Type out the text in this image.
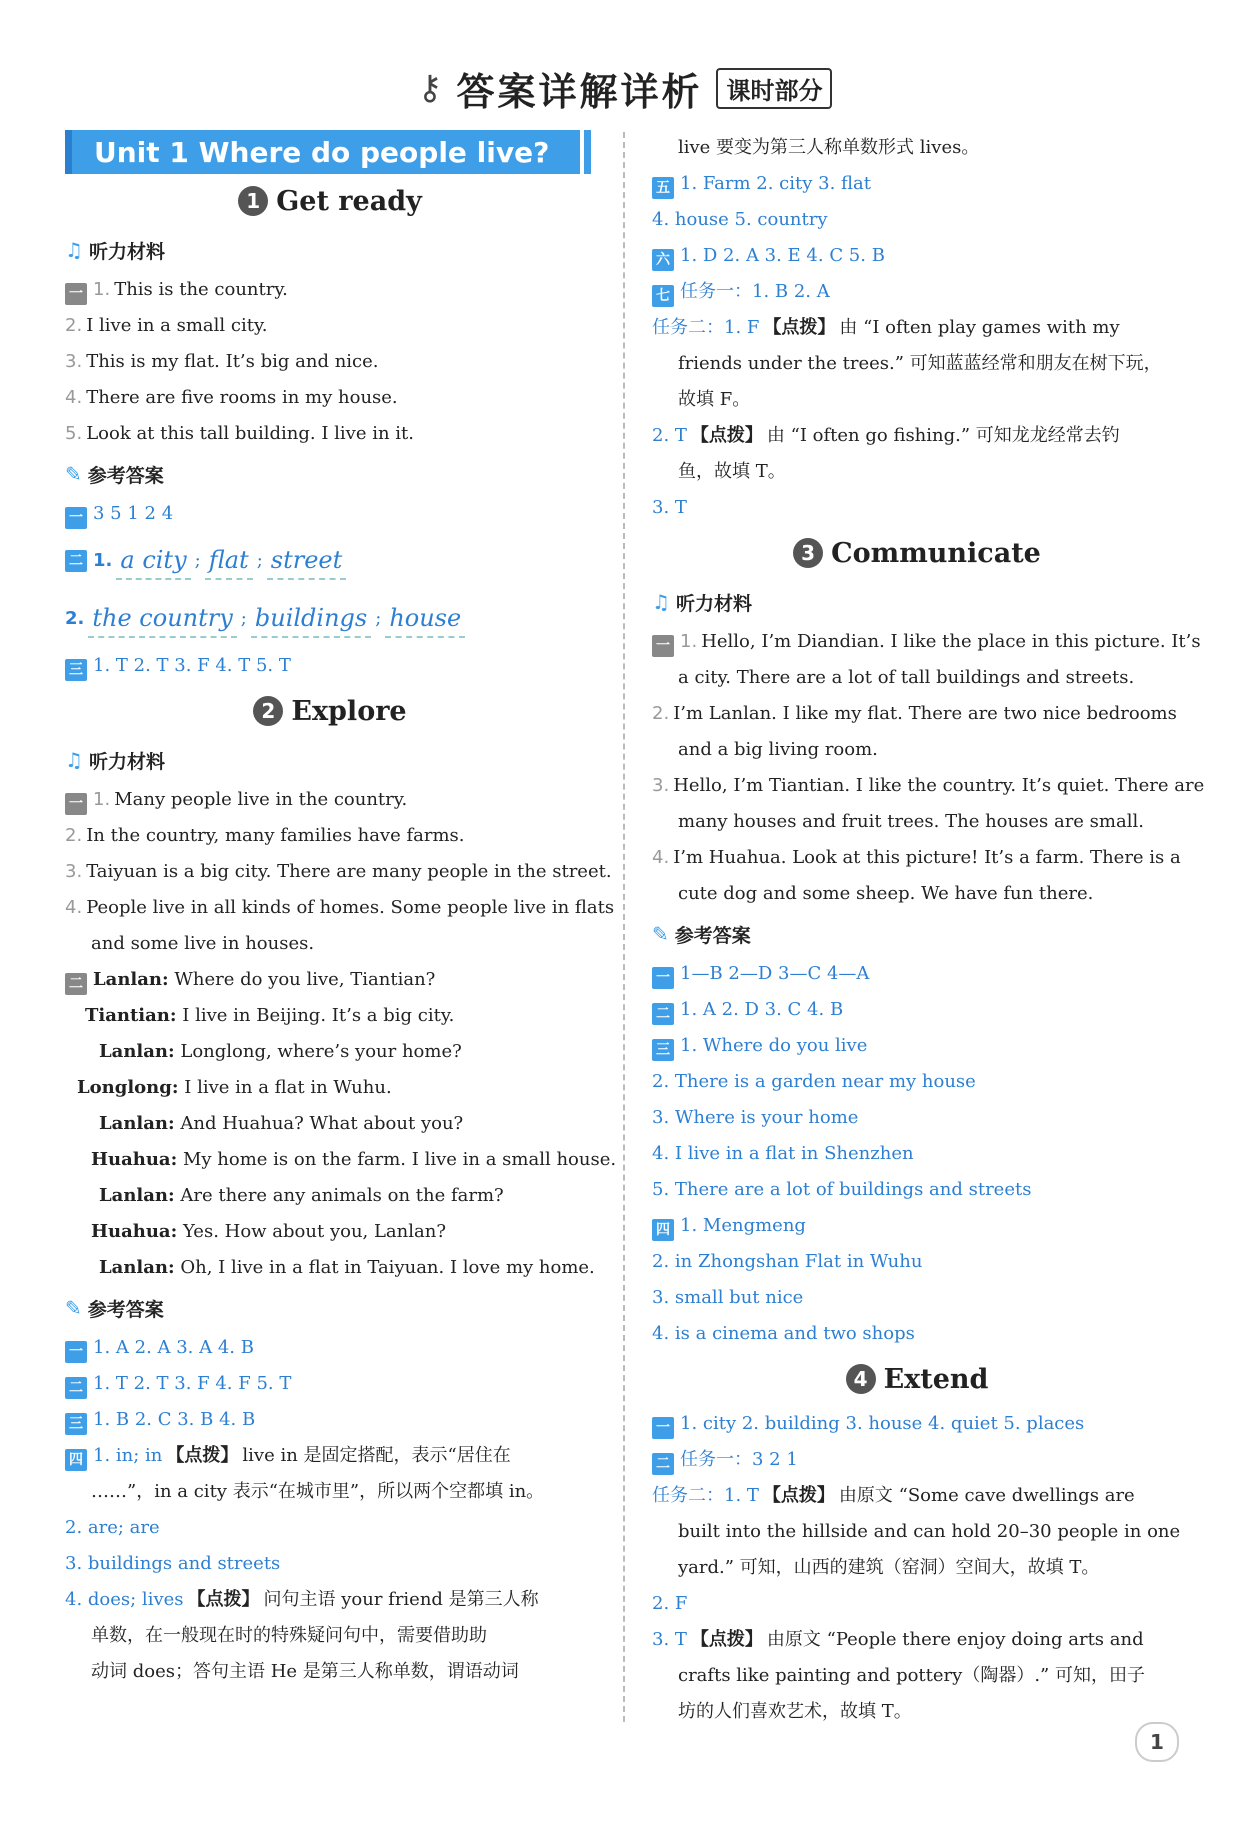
⚷ 答案详解详析	课时部分
Unit 1 Where do people live?
1 Get ready
♫ 听力材料
一 1. This is the country.
2. I live in a small city.
3. This is my flat. It’s big and nice.
4. There are five rooms in my house.
5. Look at this tall building. I live in it.
✎ 参考答案
一 3 5 1 2 4
二 1. a city ; flat ; street
2. the country ; buildings ; house
三 1. T 2. T 3. F 4. T 5. T
2 Explore
♫ 听力材料
一 1. Many people live in the country.
2. In the country, many families have farms.
3. Taiyuan is a big city. There are many people in the street.
4. People live in all kinds of homes. Some people live in flats
and some live in houses.
二 Lanlan: Where do you live, Tiantian?
Tiantian: I live in Beijing. It’s a big city.
Lanlan: Longlong, where’s your home?
Longlong: I live in a flat in Wuhu.
Lanlan: And Huahua? What about you?
Huahua: My home is on the farm. I live in a small house.
Lanlan: Are there any animals on the farm?
Huahua: Yes. How about you, Lanlan?
Lanlan: Oh, I live in a flat in Taiyuan. I love my home.
✎ 参考答案
一 1. A 2. A 3. A 4. B
二 1. T 2. T 3. F 4. F 5. T
三 1. B 2. C 3. B 4. B
四 1. in; in 【点拨】 live in 是固定搭配，表示“居住在
……”，in a city 表示“在城市里”，所以两个空都填 in。
2. are; are
3. buildings and streets
4. does; lives 【点拨】 问句主语 your friend 是第三人称
单数，在一般现在时的特殊疑问句中，需要借助助
动词 does；答句主语 He 是第三人称单数，谓语动词
live 要变为第三人称单数形式 lives。
五 1. Farm 2. city 3. flat
4. house 5. country
六 1. D 2. A 3. E 4. C 5. B
七 任务一：1. B 2. A
任务二：1. F 【点拨】 由 “I often play games with my
friends under the trees.” 可知蓝蓝经常和朋友在树下玩，
故填 F。
2. T 【点拨】 由 “I often go fishing.” 可知龙龙经常去钓
鱼，故填 T。
3. T
3 Communicate
♫ 听力材料
一 1. Hello, I’m Diandian. I like the place in this picture. It’s
a city. There are a lot of tall buildings and streets.
2. I’m Lanlan. I like my flat. There are two nice bedrooms
and a big living room.
3. Hello, I’m Tiantian. I like the country. It’s quiet. There are
many houses and fruit trees. The houses are small.
4. I’m Huahua. Look at this picture! It’s a farm. There is a
cute dog and some sheep. We have fun there.
✎ 参考答案
一 1—B 2—D 3—C 4—A
二 1. A 2. D 3. C 4. B
三 1. Where do you live
2. There is a garden near my house
3. Where is your home
4. I live in a flat in Shenzhen
5. There are a lot of buildings and streets
四 1. Mengmeng
2. in Zhongshan Flat in Wuhu
3. small but nice
4. is a cinema and two shops
4 Extend
一 1. city 2. building 3. house 4. quiet 5. places
二 任务一：3 2 1
任务二：1. T 【点拨】 由原文 “Some cave dwellings are
built into the hillside and can hold 20–30 people in one
yard.” 可知，山西的建筑（窑洞）空间大，故填 T。
2. F
3. T 【点拨】 由原文 “People there enjoy doing arts and
crafts like painting and pottery（陶器）.” 可知，田子
坊的人们喜欢艺术，故填 T。
1
